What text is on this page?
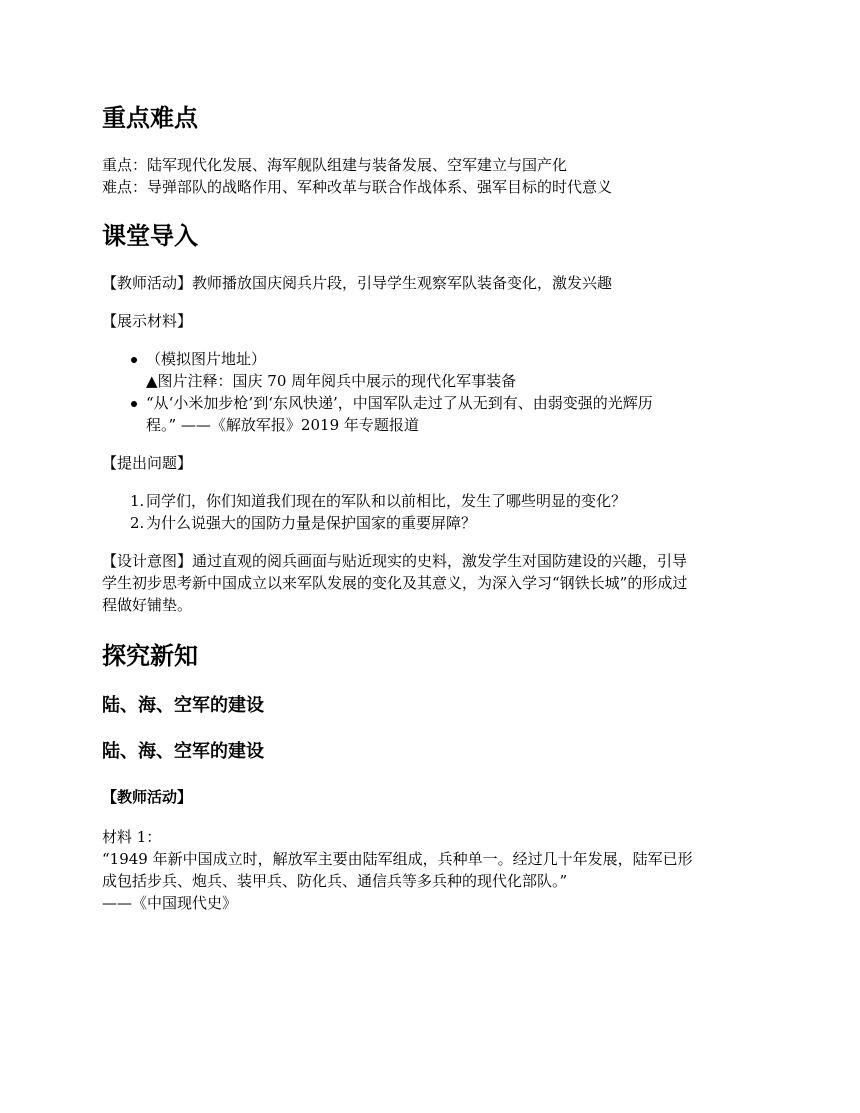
重点难点

重点：陆军现代化发展、海军舰队组建与装备发展、空军建立与国产化

难点：导弹部队的战略作用、军种改革与联合作战体系、强军目标的时代意义

课堂导入

【教师活动】教师播放国庆阅兵片段，引导学生观察军队装备变化，激发兴趣

【展示材料】

（模拟图片地址）
▲图片注释：国庆 70 周年阅兵中展示的现代化军事装备
“从‘小米加步枪’到‘东风快递’，中国军队走过了从无到有、由弱变强的光辉历
程。” ——《解放军报》2019 年专题报道

【提出问题】

1. 同学们，你们知道我们现在的军队和以前相比，发生了哪些明显的变化？
2. 为什么说强大的国防力量是保护国家的重要屏障？

【设计意图】通过直观的阅兵画面与贴近现实的史料，激发学生对国防建设的兴趣，引导
学生初步思考新中国成立以来军队发展的变化及其意义，为深入学习“钢铁长城”的形成过
程做好铺垫。

探究新知
陆、海、空军的建设
陆、海、空军的建设

【教师活动】

材料 1：
“1949 年新中国成立时，解放军主要由陆军组成，兵种单一。经过几十年发展，陆军已形
成包括步兵、炮兵、装甲兵、防化兵、通信兵等多兵种的现代化部队。”
——《中国现代史》
